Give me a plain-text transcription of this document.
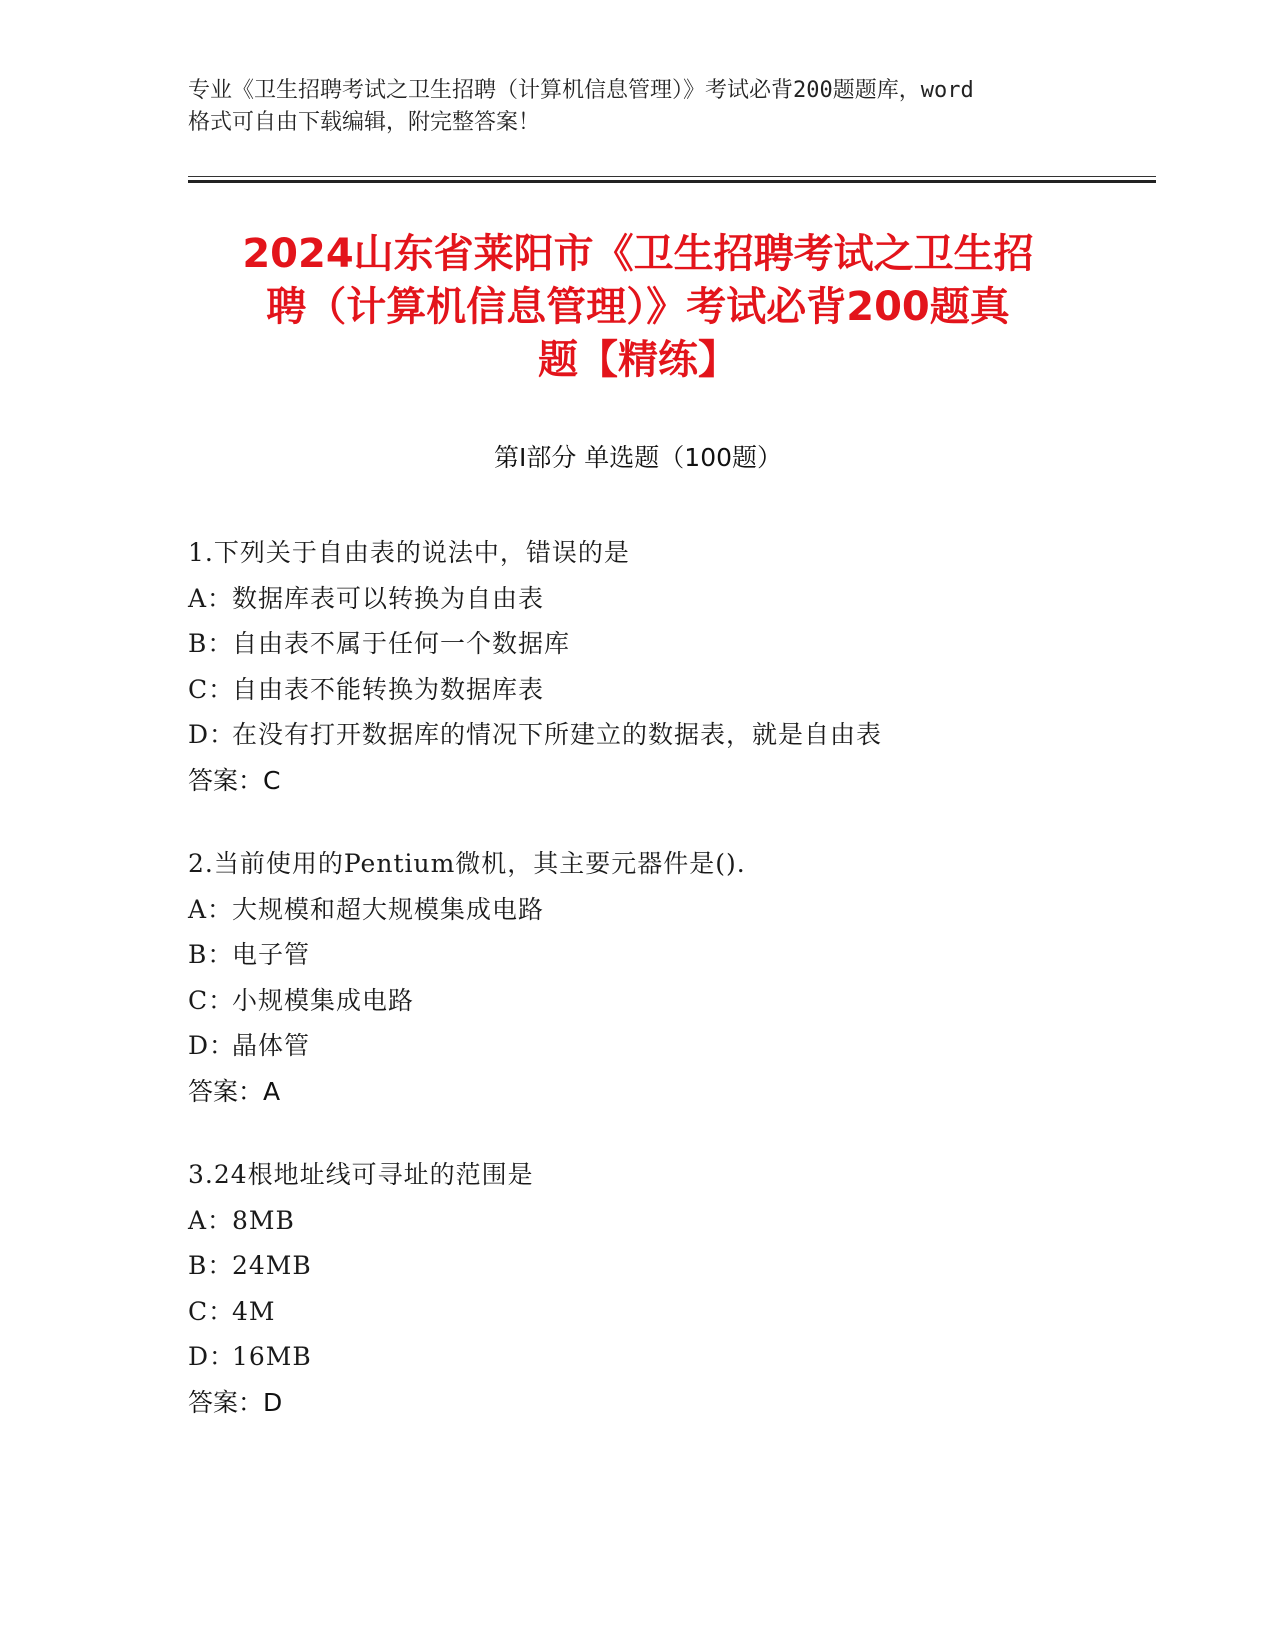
专业《卫生招聘考试之卫生招聘（计算机信息管理）》考试必背200题题库，word
格式可自由下载编辑，附完整答案！
2024山东省莱阳市《卫生招聘考试之卫生招
聘（计算机信息管理）》考试必背200题真
题【精练】
第Ⅰ部分 单选题（100题）
1.下列关于自由表的说法中，错误的是
A：数据库表可以转换为自由表
B：自由表不属于任何一个数据库
C：自由表不能转换为数据库表
D：在没有打开数据库的情况下所建立的数据表，就是自由表
答案：C
2.当前使用的Pentium微机，其主要元器件是().
A：大规模和超大规模集成电路
B：电子管
C：小规模集成电路
D：晶体管
答案：A
3.24根地址线可寻址的范围是
A：8MB
B：24MB
C：4M
D：16MB
答案：D
